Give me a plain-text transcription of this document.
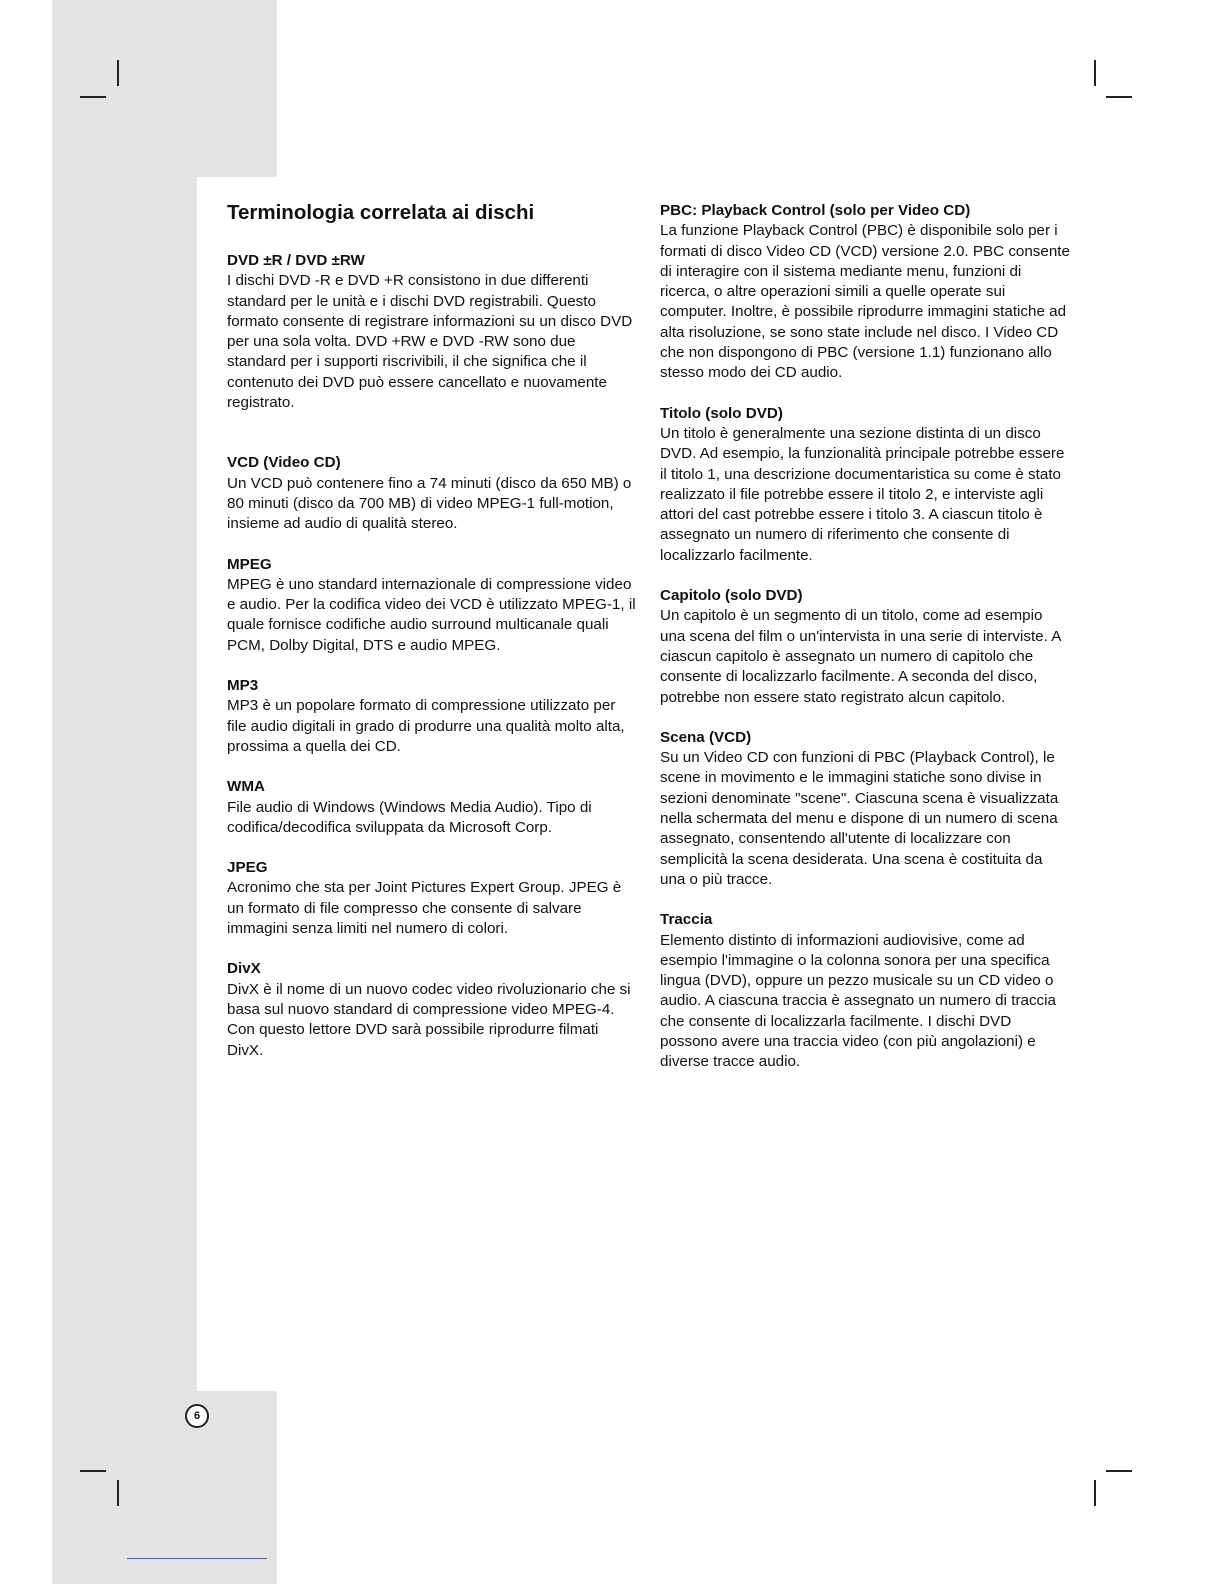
Terminologia correlata ai dischi
DVD ±R / DVD ±RW

I dischi DVD -R e DVD +R consistono in due differenti standard per le unità e i dischi DVD registrabili. Questo formato consente di registrare informazioni su un disco DVD per una sola volta. DVD +RW e DVD -RW sono due standard per i supporti riscrivibili, il che significa che il contenuto dei DVD può essere cancellato e nuovamente registrato.

VCD (Video CD)

Un VCD può contenere fino a 74 minuti (disco da 650 MB) o 80 minuti (disco da 700 MB) di video MPEG-1 full-motion, insieme ad audio di qualità stereo.

MPEG

MPEG è uno standard internazionale di compressione video e audio. Per la codifica video dei VCD è utilizzato MPEG-1, il quale fornisce codifiche audio surround multicanale quali PCM, Dolby Digital, DTS e audio MPEG.

MP3

MP3 è un popolare formato di compressione utilizzato per file audio digitali in grado di produrre una qualità molto alta, prossima a quella dei CD.

WMA

File audio di Windows (Windows Media Audio). Tipo di codifica/decodifica sviluppata da Microsoft Corp.

JPEG

Acronimo che sta per Joint Pictures Expert Group. JPEG è un formato di file compresso che consente di salvare immagini senza limiti nel numero di colori.

DivX

DivX è il nome di un nuovo codec video rivoluzionario che si basa sul nuovo standard di compressione video MPEG-4. Con questo lettore DVD sarà possibile riprodurre filmati DivX.

PBC: Playback Control (solo per Video CD)

La funzione Playback Control (PBC) è disponibile solo per i formati di disco Video CD (VCD) versione 2.0. PBC consente di interagire con il sistema mediante menu, funzioni di ricerca, o altre operazioni simili a quelle operate sui computer. Inoltre, è possibile riprodurre immagini statiche ad alta risoluzione, se sono state include nel disco. I Video CD che non dispongono di PBC (versione 1.1) funzionano allo stesso modo dei CD audio.

Titolo (solo DVD)

Un titolo è generalmente una sezione distinta di un disco DVD. Ad esempio, la funzionalità principale potrebbe essere il titolo 1, una descrizione documentaristica su come è stato realizzato il file potrebbe essere il titolo 2, e interviste agli attori del cast potrebbe essere i titolo 3. A ciascun titolo è assegnato un numero di riferimento che consente di localizzarlo facilmente.

Capitolo (solo DVD)

Un capitolo è un segmento di un titolo, come ad esempio una scena del film o un'intervista in una serie di interviste. A ciascun capitolo è assegnato un numero di capitolo che consente di localizzarlo facilmente. A seconda del disco, potrebbe non essere stato registrato alcun capitolo.

Scena (VCD)

Su un Video CD con funzioni di PBC (Playback Control), le scene in movimento e le immagini statiche sono divise in sezioni denominate "scene". Ciascuna scena è visualizzata nella schermata del menu e dispone di un numero di scena assegnato, consentendo all'utente di localizzare con semplicità la scena desiderata. Una scena è costituita da una o più tracce.

Traccia

Elemento distinto di informazioni audiovisive, come ad esempio l'immagine o la colonna sonora per una specifica lingua (DVD), oppure un pezzo musicale su un CD video o audio. A ciascuna traccia è assegnato un numero di traccia che consente di localizzarla facilmente. I dischi DVD possono avere una traccia video (con più angolazioni) e diverse tracce audio.

6
